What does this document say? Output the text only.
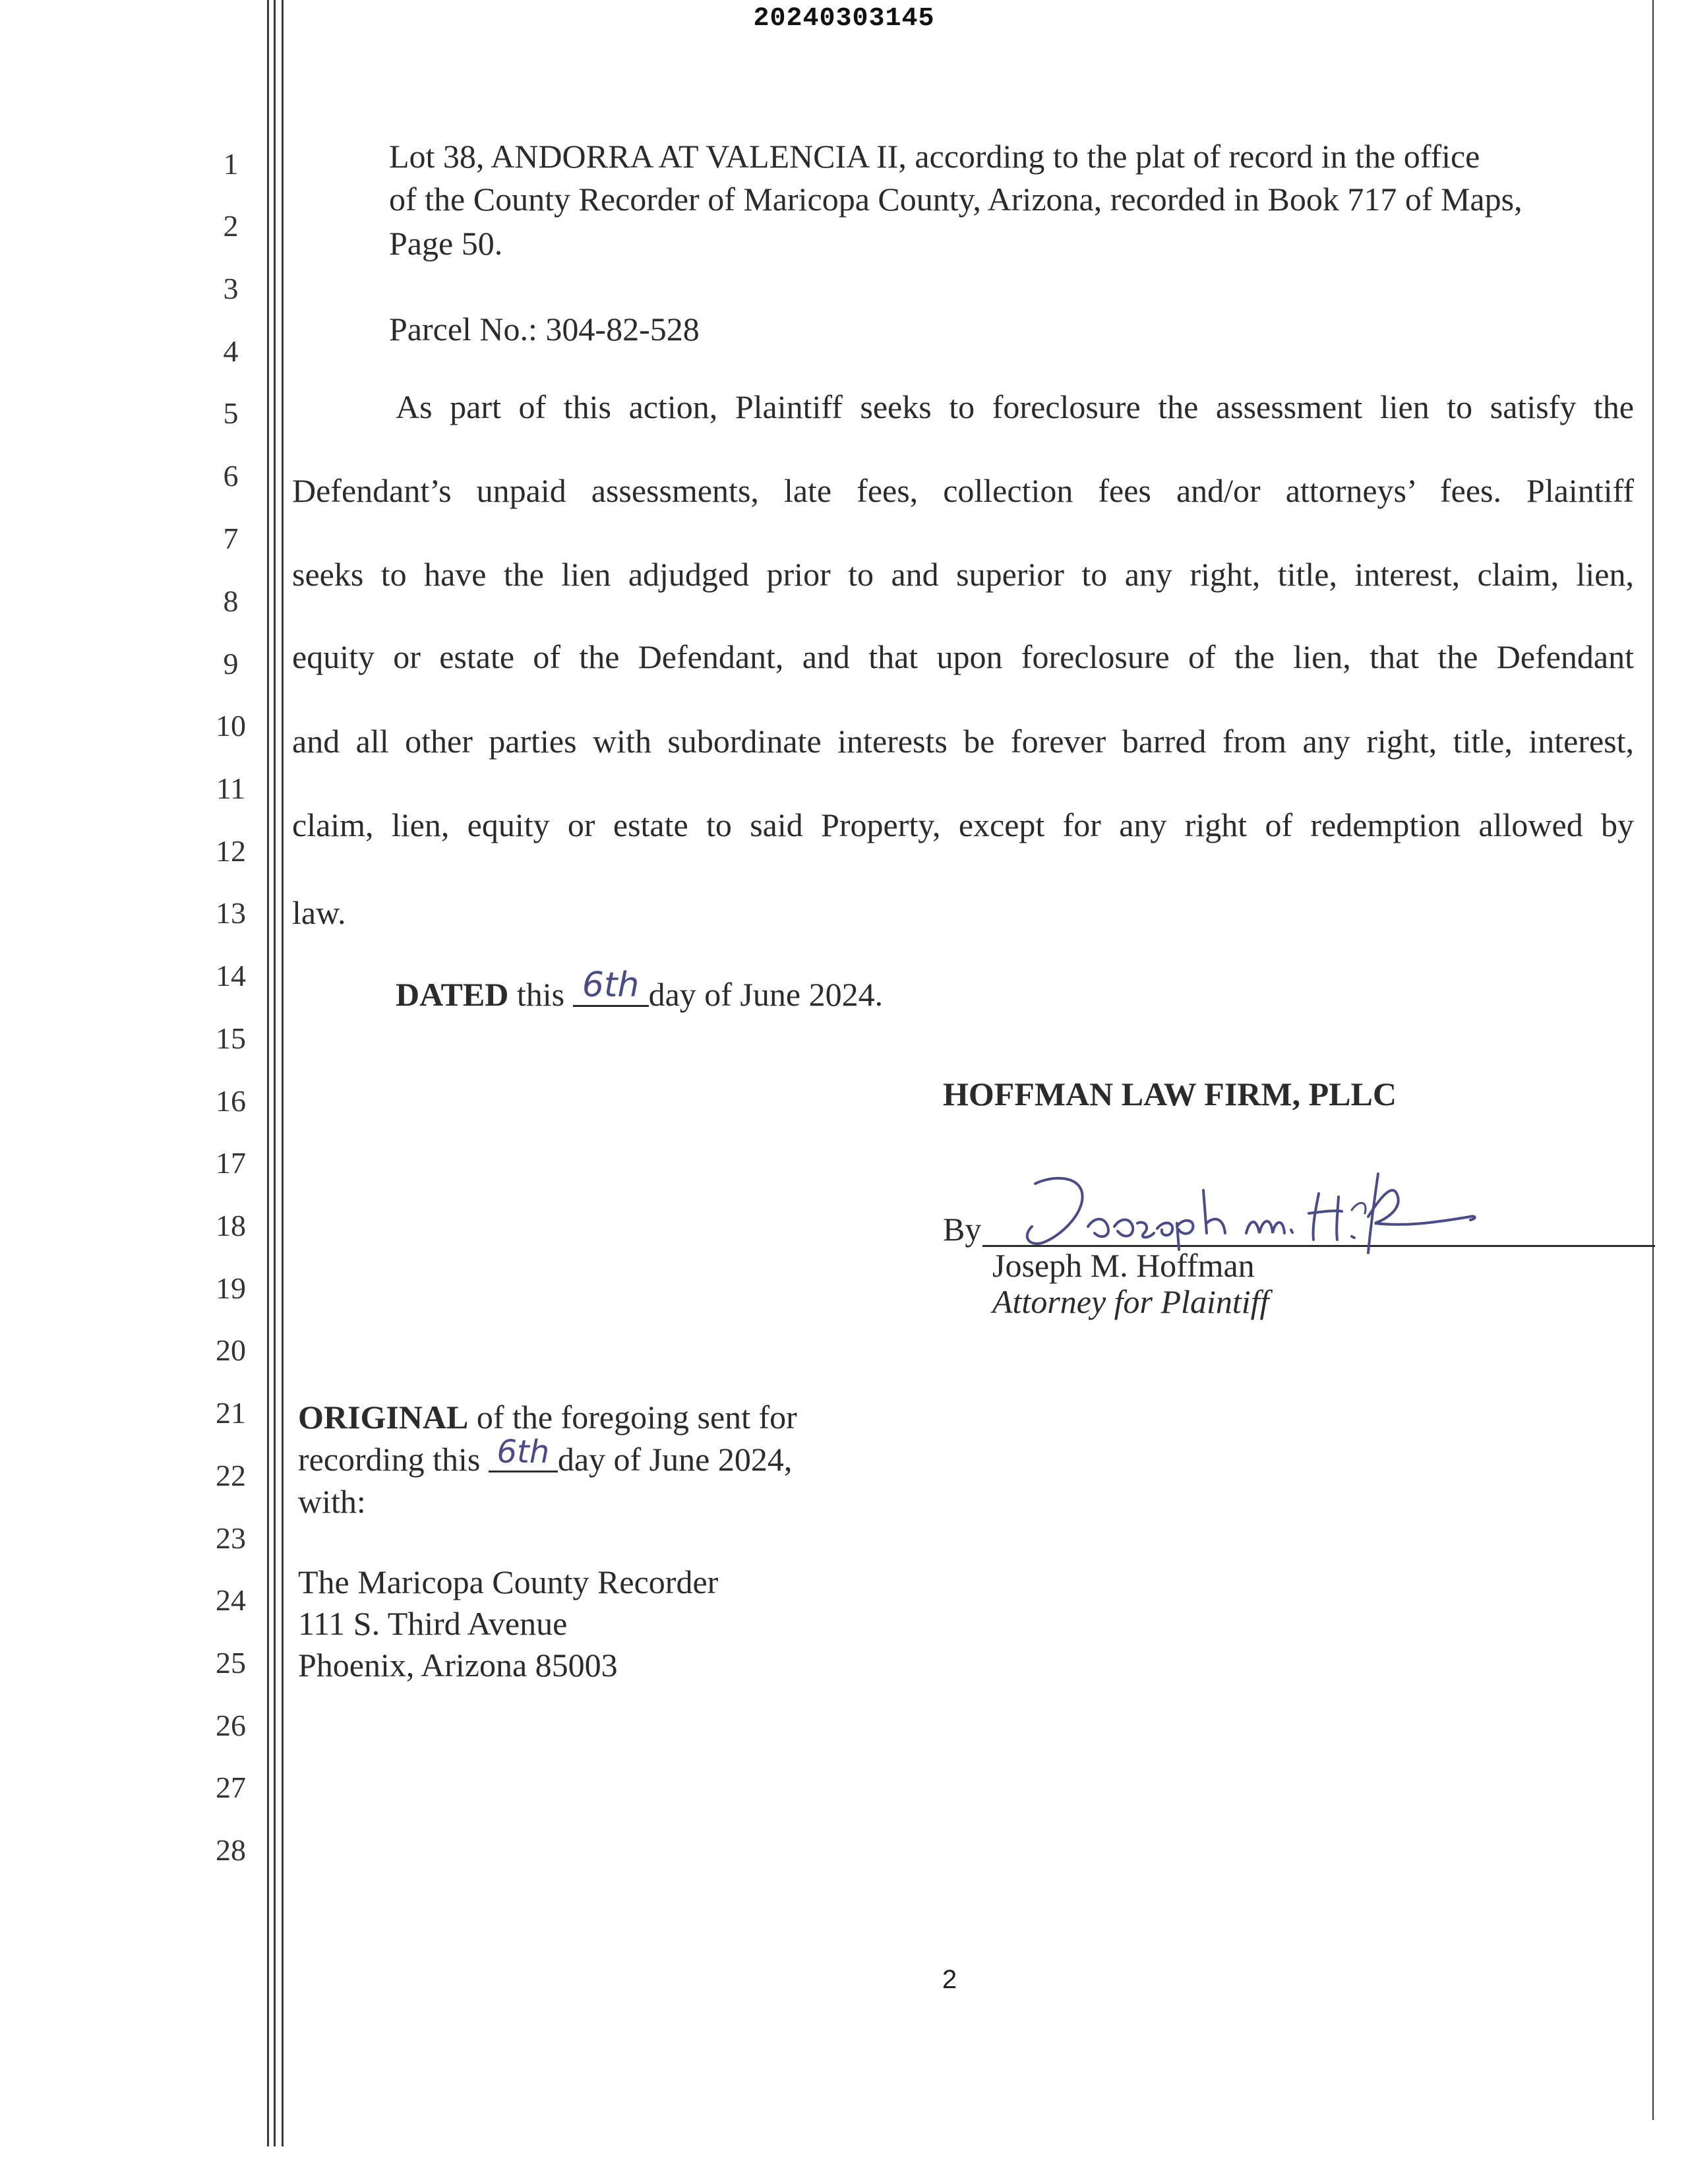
20240303145
1
2
3
4
5
6
7
8
9
10
11
12
13
14
15
16
17
18
19
20
21
22
23
24
25
26
27
28
Lot 38, ANDORRA AT VALENCIA II, according to the plat of record in the office
of the County Recorder of Maricopa County, Arizona, recorded in Book 717 of Maps,
Page 50.
Parcel No.: 304-82-528
As part of this action, Plaintiff seeks to foreclosure the assessment lien to satisfy the
Defendant’s unpaid assessments, late fees, collection fees and/or attorneys’ fees. Plaintiff
seeks to have the lien adjudged prior to and superior to any right, title, interest, claim, lien,
equity or estate of the Defendant, and that upon foreclosure of the lien, that the Defendant
and all other parties with subordinate interests be forever barred from any right, title, interest,
claim, lien, equity or estate to said Property, except for any right of redemption allowed by
law.
DATED this 6th day of June 2024.
HOFFMAN LAW FIRM, PLLC
By
Joseph M. Hoffman
Attorney for Plaintiff
ORIGINAL of the foregoing sent for
recording this 6th day of June 2024,
with:
The Maricopa County Recorder
111 S. Third Avenue
Phoenix, Arizona 85003
2
